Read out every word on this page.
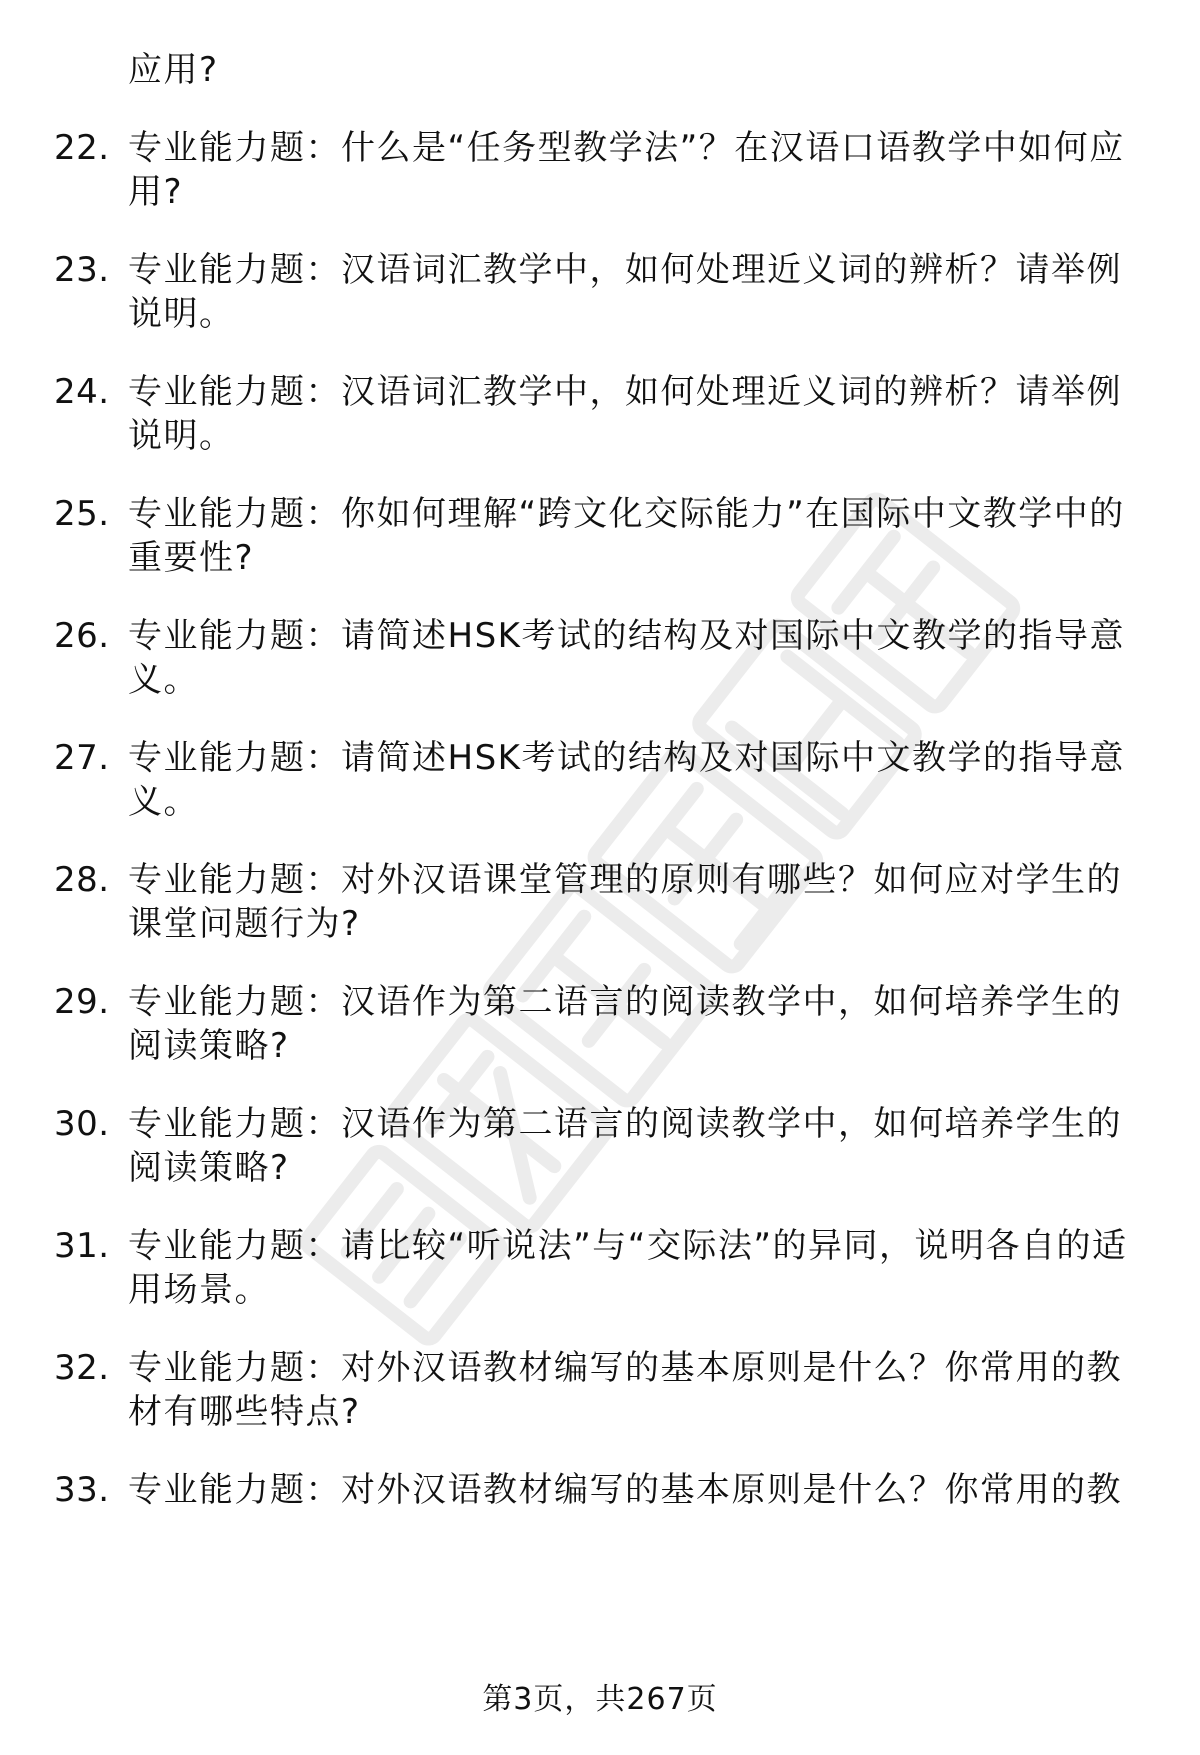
应用?
22. 专业能力题：什么是“任务型教学法”？在汉语口语教学中如何应用?
23. 专业能力题：汉语词汇教学中，如何处理近义词的辨析？请举例说明。
24. 专业能力题：汉语词汇教学中，如何处理近义词的辨析？请举例说明。
25. 专业能力题：你如何理解“跨文化交际能力”在国际中文教学中的重要性?
26. 专业能力题：请简述HSK考试的结构及对国际中文教学的指导意义。
27. 专业能力题：请简述HSK考试的结构及对国际中文教学的指导意义。
28. 专业能力题：对外汉语课堂管理的原则有哪些？如何应对学生的课堂问题行为?
29. 专业能力题：汉语作为第二语言的阅读教学中，如何培养学生的阅读策略?
30. 专业能力题：汉语作为第二语言的阅读教学中，如何培养学生的阅读策略?
31. 专业能力题：请比较“听说法”与“交际法”的异同，说明各自的适用场景。
32. 专业能力题：对外汉语教材编写的基本原则是什么？你常用的教材有哪些特点?
33. 专业能力题：对外汉语教材编写的基本原则是什么？你常用的教
第3页，共267页
